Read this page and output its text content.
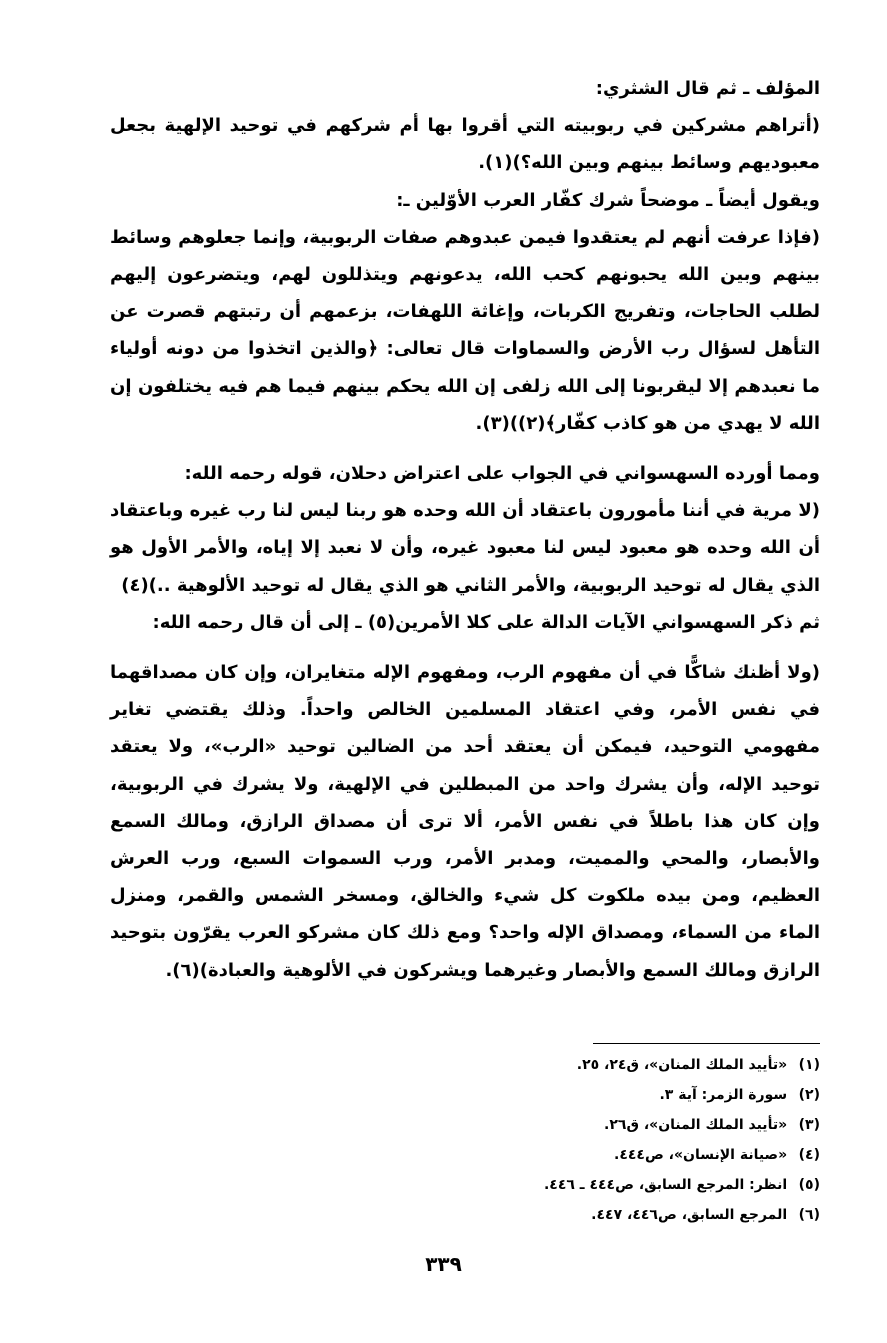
المؤلف ـ ثم قال الشثري:

(أتراهم مشركين في ربوبيته التي أقروا بها أم شركهم في توحيد الإلهية بجعل معبوديهم وسائط بينهم وبين الله؟)(١).

ويقول أيضاً ـ موضحاً شرك كفّار العرب الأوّلين ـ:

(فإذا عرفت أنهم لم يعتقدوا فيمن عبدوهم صفات الربوبية، وإنما جعلوهم وسائط بينهم وبين الله يحبونهم كحب الله، يدعونهم ويتذللون لهم، ويتضرعون إليهم لطلب الحاجات، وتفريج الكربات، وإغاثة اللهفات، بزعمهم أن رتبتهم قصرت عن التأهل لسؤال رب الأرض والسماوات قال تعالى: ﴿والذين اتخذوا من دونه أولياء ما نعبدهم إلا ليقربونا إلى الله زلفى إن الله يحكم بينهم فيما هم فيه يختلفون إن الله لا يهدي من هو كاذب كفّار﴾(٢))(٣).

ومما أورده السهسواني في الجواب على اعتراض دحلان، قوله رحمه الله:

(لا مرية في أننا مأمورون باعتقاد أن الله وحده هو ربنا ليس لنا رب غيره وباعتقاد أن الله وحده هو معبود ليس لنا معبود غيره، وأن لا نعبد إلا إياه، والأمر الأول هو الذي يقال له توحيد الربوبية، والأمر الثاني هو الذي يقال له توحيد الألوهية ..)(٤)

ثم ذكر السهسواني الآيات الدالة على كلا الأمرين(٥) ـ إلى أن قال رحمه الله:

(ولا أظنك شاكًّا في أن مفهوم الرب، ومفهوم الإله متغايران، وإن كان مصداقهما في نفس الأمر، وفي اعتقاد المسلمين الخالص واحداً. وذلك يقتضي تغاير مفهومي التوحيد، فيمكن أن يعتقد أحد من الضالين توحيد «الرب»، ولا يعتقد توحيد الإله، وأن يشرك واحد من المبطلين في الإلهية، ولا يشرك في الربوبية، وإن كان هذا باطلاً في نفس الأمر، ألا ترى أن مصداق الرازق، ومالك السمع والأبصار، والمحي والمميت، ومدبر الأمر، ورب السموات السبع، ورب العرش العظيم، ومن بيده ملكوت كل شيء والخالق، ومسخر الشمس والقمر، ومنزل الماء من السماء، ومصداق الإله واحد؟ ومع ذلك كان مشركو العرب يقرّون بتوحيد الرازق ومالك السمع والأبصار وغيرهما ويشركون في الألوهية والعبادة)(٦).

(١) «تأييد الملك المنان»، ق٢٤، ٢٥.
(٢) سورة الزمر: آية ٣.
(٣) «تأييد الملك المنان»، ق٢٦.
(٤) «صيانة الإنسان»، ص٤٤٤.
(٥) انظر: المرجع السابق، ص٤٤٤ ـ ٤٤٦.
(٦) المرجع السابق، ص٤٤٦، ٤٤٧.
٣٣٩
